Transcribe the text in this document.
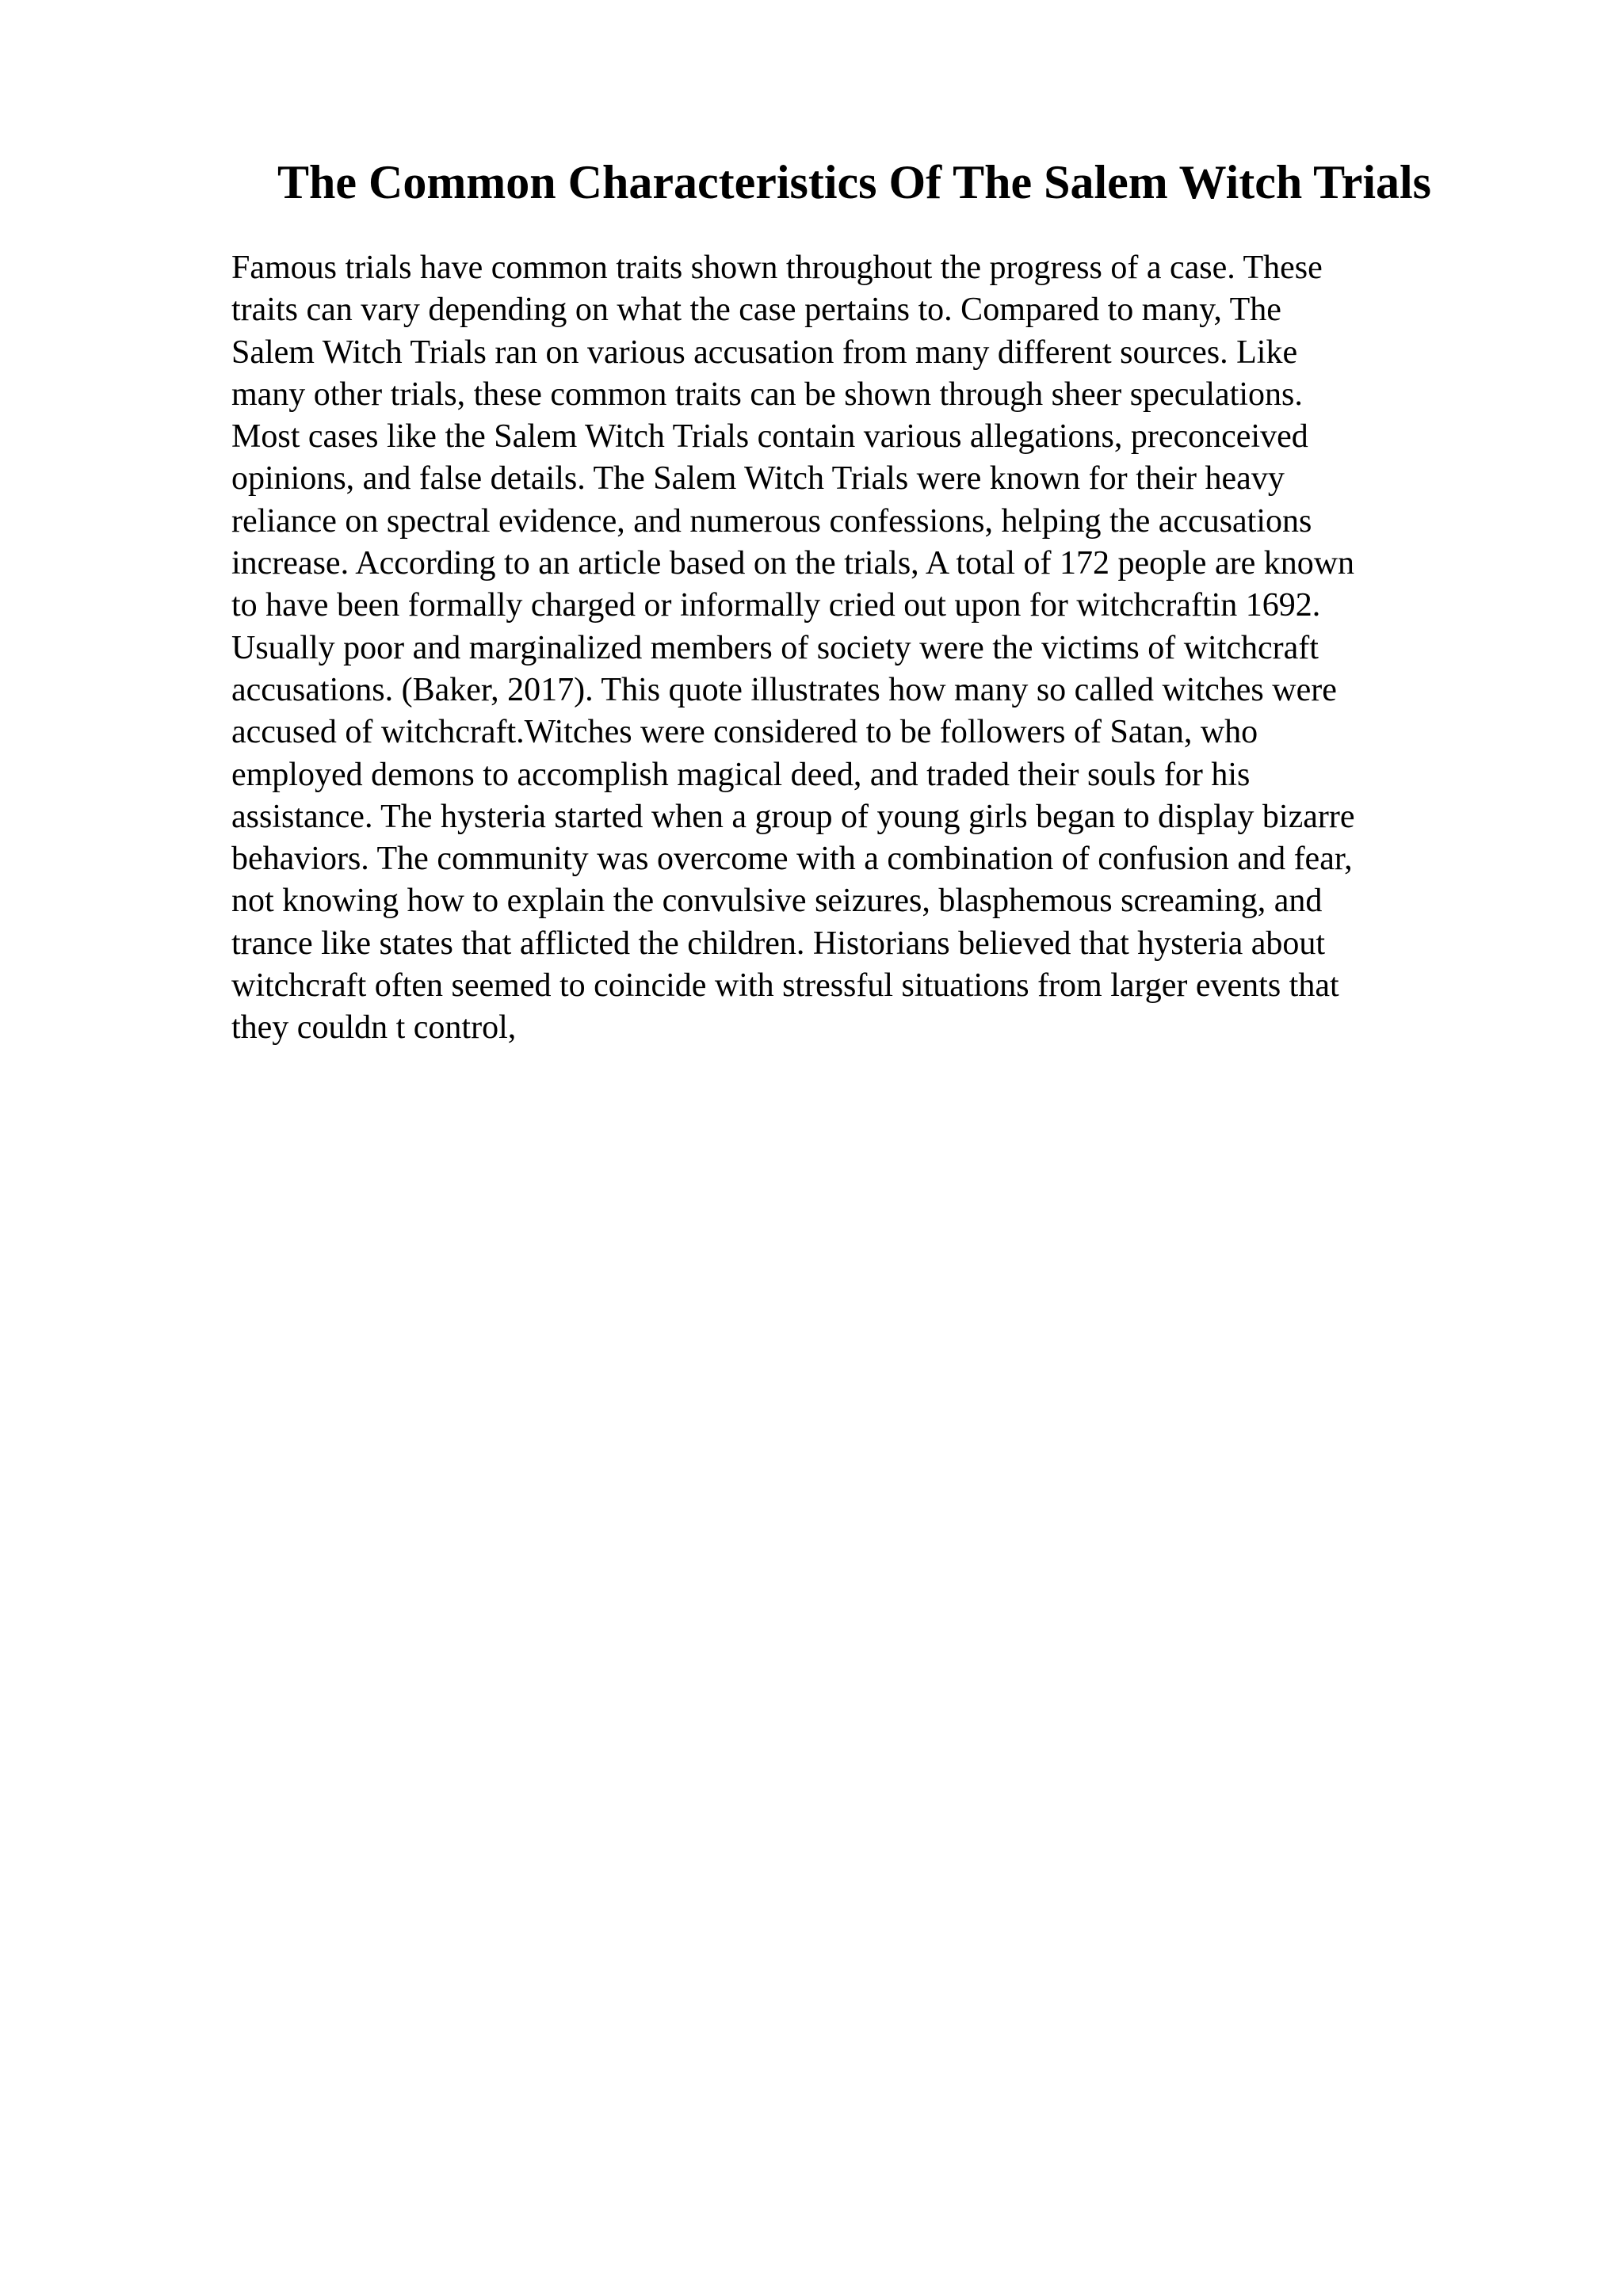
The Common Characteristics Of The Salem Witch Trials
Famous trials have common traits shown throughout the progress of a case. These
traits can vary depending on what the case pertains to. Compared to many, The
Salem Witch Trials ran on various accusation from many different sources. Like
many other trials, these common traits can be shown through sheer speculations.
Most cases like the Salem Witch Trials contain various allegations, preconceived
opinions, and false details. The Salem Witch Trials were known for their heavy
reliance on spectral evidence, and numerous confessions, helping the accusations
increase. According to an article based on the trials, A total of 172 people are known
to have been formally charged or informally cried out upon for witchcraftin 1692.
Usually poor and marginalized members of society were the victims of witchcraft
accusations. (Baker, 2017). This quote illustrates how many so called witches were
accused of witchcraft.Witches were considered to be followers of Satan, who
employed demons to accomplish magical deed, and traded their souls for his
assistance. The hysteria started when a group of young girls began to display bizarre
behaviors. The community was overcome with a combination of confusion and fear,
not knowing how to explain the convulsive seizures, blasphemous screaming, and
trance like states that afflicted the children. Historians believed that hysteria about
witchcraft often seemed to coincide with stressful situations from larger events that
they couldn t control,
